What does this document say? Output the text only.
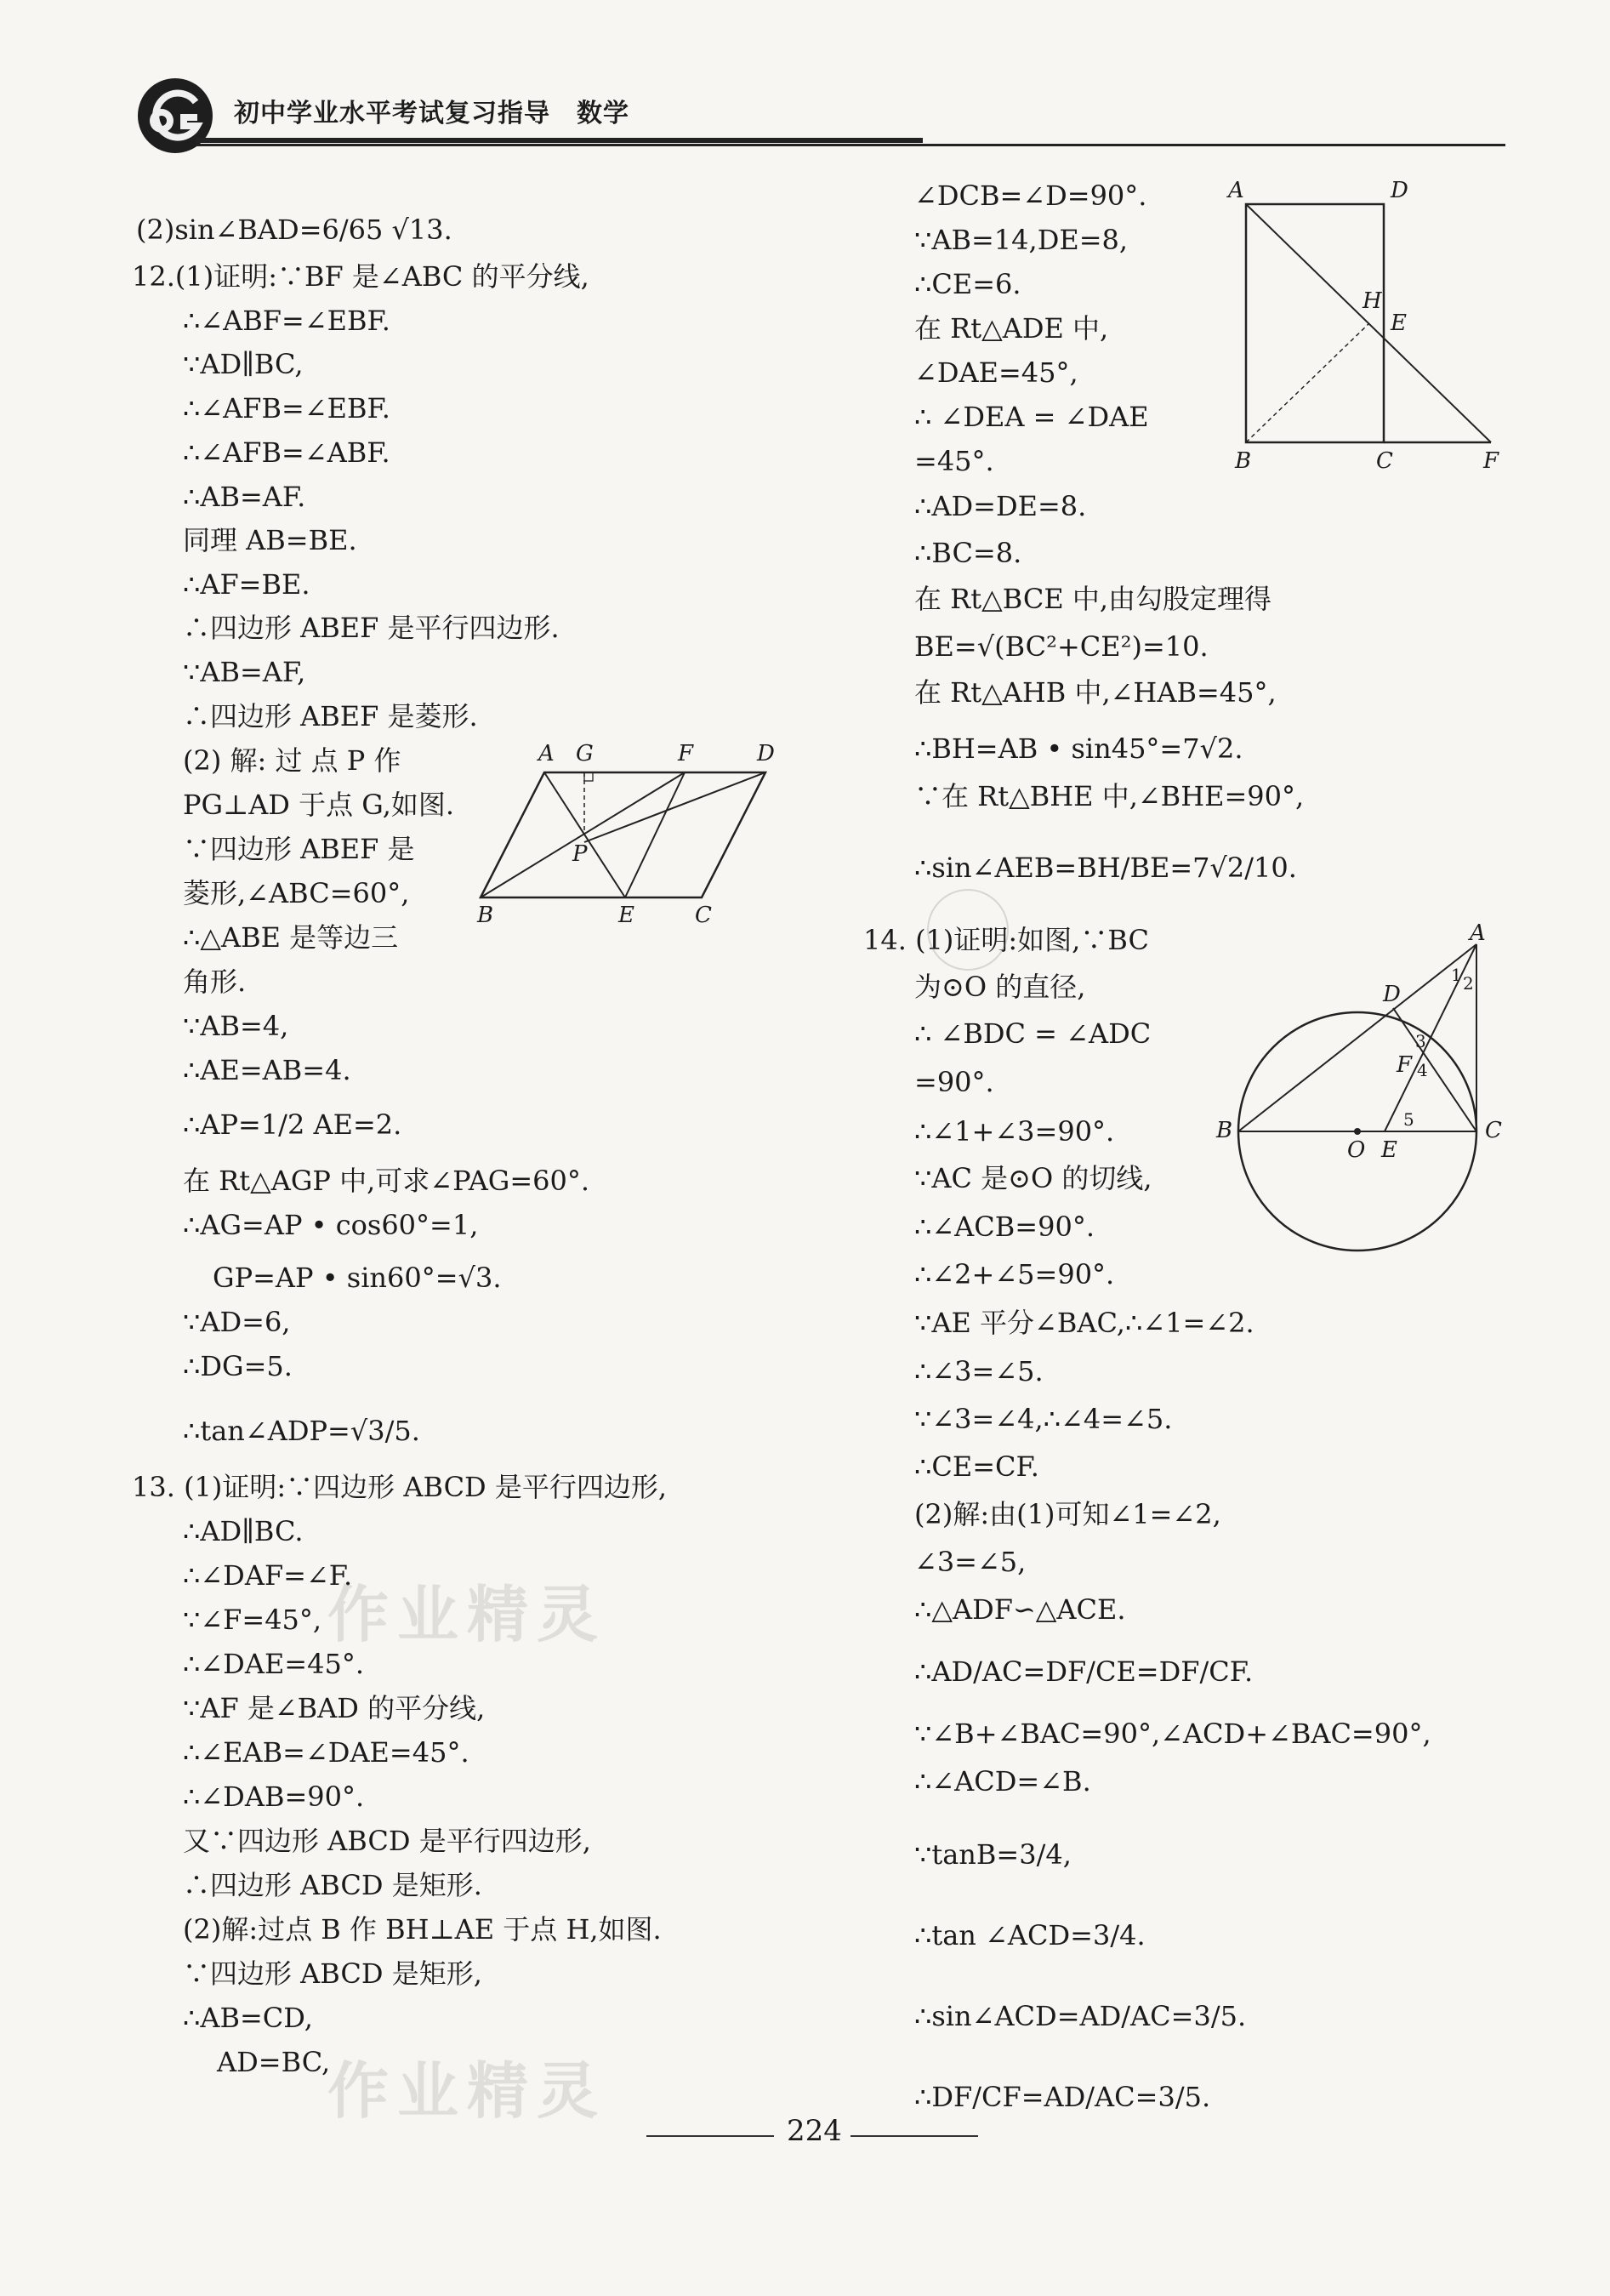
初中学业水平考试复习指导　数学
(2)sin∠BAD=6/65 √13.
12.(1)证明:∵BF 是∠ABC 的平分线,
∴∠ABF=∠EBF.
∵AD∥BC,
∴∠AFB=∠EBF.
∴∠AFB=∠ABF.
∴AB=AF.
同理 AB=BE.
∴AF=BE.
∴四边形 ABEF 是平行四边形.
∵AB=AF,
∴四边形 ABEF 是菱形.
(2) 解: 过 点 P 作
PG⊥AD 于点 G,如图.
∵四边形 ABEF 是
菱形,∠ABC=60°,
∴△ABE 是等边三
角形.
∵AB=4,
∴AE=AB=4.
∴AP=1/2 AE=2.
在 Rt△AGP 中,可求∠PAG=60°.
∴AG=AP • cos60°=1,
GP=AP • sin60°=√3.
∵AD=6,
∴DG=5.
∴tan∠ADP=√3/5.
13. (1)证明:∵四边形 ABCD 是平行四边形,
∴AD∥BC.
∴∠DAF=∠F.
∵∠F=45°,
∴∠DAE=45°.
∵AF 是∠BAD 的平分线,
∴∠EAB=∠DAE=45°.
∴∠DAB=90°.
又∵四边形 ABCD 是平行四边形,
∴四边形 ABCD 是矩形.
(2)解:过点 B 作 BH⊥AE 于点 H,如图.
∵四边形 ABCD 是矩形,
∴AB=CD,
AD=BC,
∠DCB=∠D=90°.
∵AB=14,DE=8,
∴CE=6.
在 Rt△ADE 中,
∠DAE=45°,
∴ ∠DEA = ∠DAE
=45°.
∴AD=DE=8.
∴BC=8.
在 Rt△BCE 中,由勾股定理得
BE=√(BC²+CE²)=10.
在 Rt△AHB 中,∠HAB=45°,
∴BH=AB • sin45°=7√2.
∵在 Rt△BHE 中,∠BHE=90°,
∴sin∠AEB=BH/BE=7√2/10.
14. (1)证明:如图,∵BC
为⊙O 的直径,
∴ ∠BDC = ∠ADC
=90°.
∴∠1+∠3=90°.
∵AC 是⊙O 的切线,
∴∠ACB=90°.
∴∠2+∠5=90°.
∵AE 平分∠BAC,∴∠1=∠2.
∴∠3=∠5.
∵∠3=∠4,∴∠4=∠5.
∴CE=CF.
(2)解:由(1)可知∠1=∠2,
∠3=∠5,
∴△ADF∽△ACE.
∴AD/AC=DF/CE=DF/CF.
∵∠B+∠BAC=90°,∠ACD+∠BAC=90°,
∴∠ACD=∠B.
∵tanB=3/4,
∴tan ∠ACD=3/4.
∴sin∠ACD=AD/AC=3/5.
∴DF/CF=AD/AC=3/5.
A G	F	D
P
B	E	C
A	D
H
E
B	C	F
A
D
1 2
3
F 4
5
B
O E
C
作业精灵
作业精灵
224
